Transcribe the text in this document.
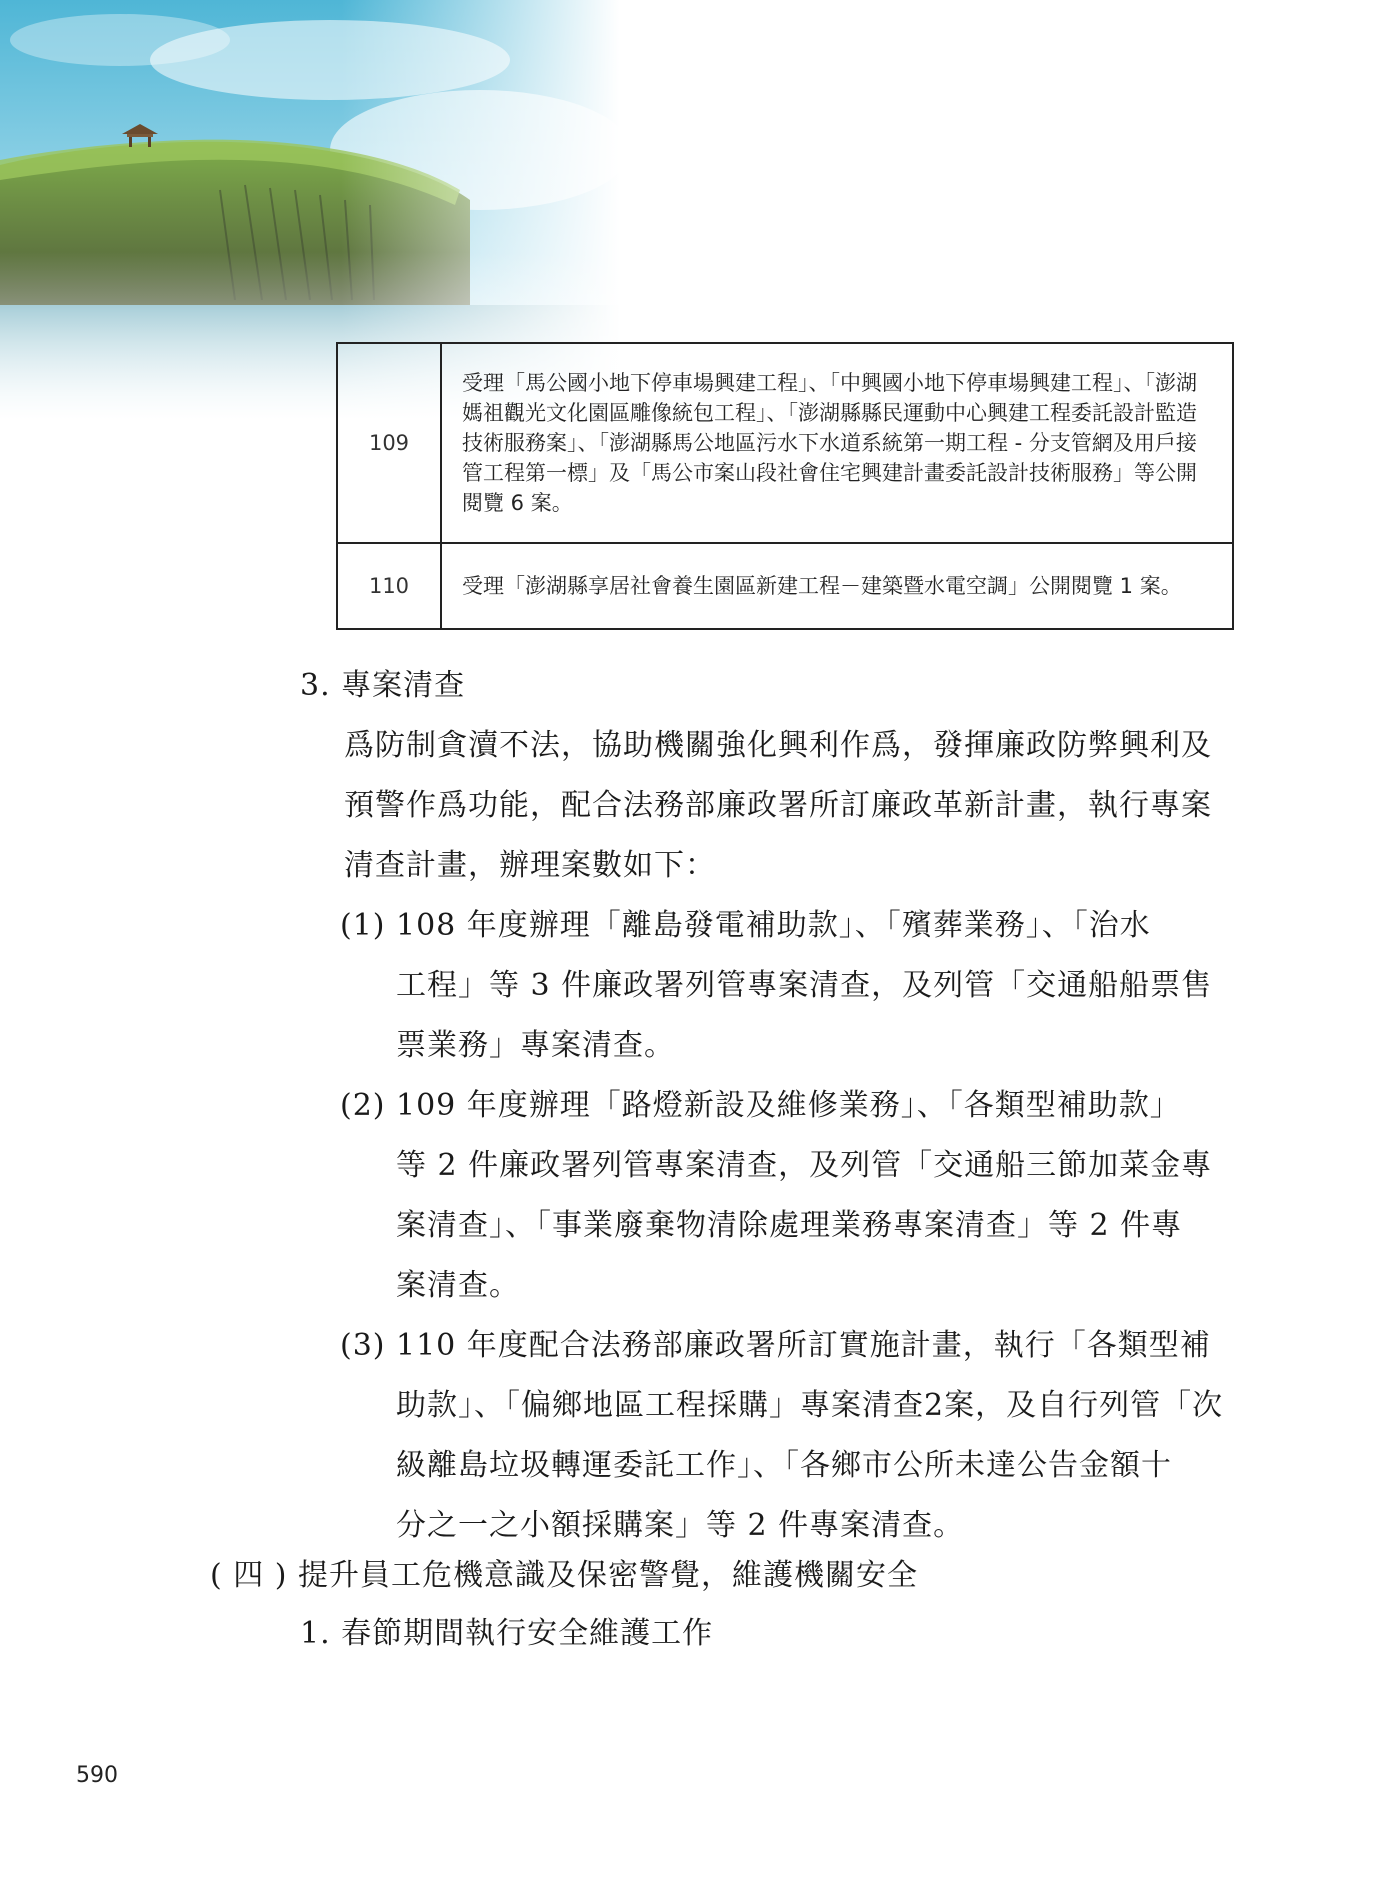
109	受理「馬公國小地下停車場興建工程」、「中興國小地下停車場興建工程」、「澎湖媽祖觀光文化園區雕像統包工程」、「澎湖縣縣民運動中心興建工程委託設計監造技術服務案」、「澎湖縣馬公地區污水下水道系統第一期工程 - 分支管網及用戶接管工程第一標」及「馬公市案山段社會住宅興建計畫委託設計技術服務」等公開閱覽 6 案。
110	受理「澎湖縣享居社會養生園區新建工程－建築暨水電空調」公開閱覽 1 案。
3. 專案清查
爲防制貪瀆不法，協助機關強化興利作爲，發揮廉政防弊興利及
預警作爲功能，配合法務部廉政署所訂廉政革新計畫，執行專案
清查計畫，辦理案數如下：
(1) 108 年度辦理「離島發電補助款」、「殯葬業務」、「治水
工程」等 3 件廉政署列管專案清查，及列管「交通船船票售
票業務」專案清查。
(2) 109 年度辦理「路燈新設及維修業務」、「各類型補助款」
等 2 件廉政署列管專案清查，及列管「交通船三節加菜金專
案清查」、「事業廢棄物清除處理業務專案清查」等 2 件專
案清查。
(3) 110 年度配合法務部廉政署所訂實施計畫，執行「各類型補
助款」、「偏鄉地區工程採購」專案清查2案，及自行列管「次
級離島垃圾轉運委託工作」、「各鄉市公所未達公告金額十
分之一之小額採購案」等 2 件專案清查。
( 四 ) 提升員工危機意識及保密警覺，維護機關安全
1. 春節期間執行安全維護工作
590
